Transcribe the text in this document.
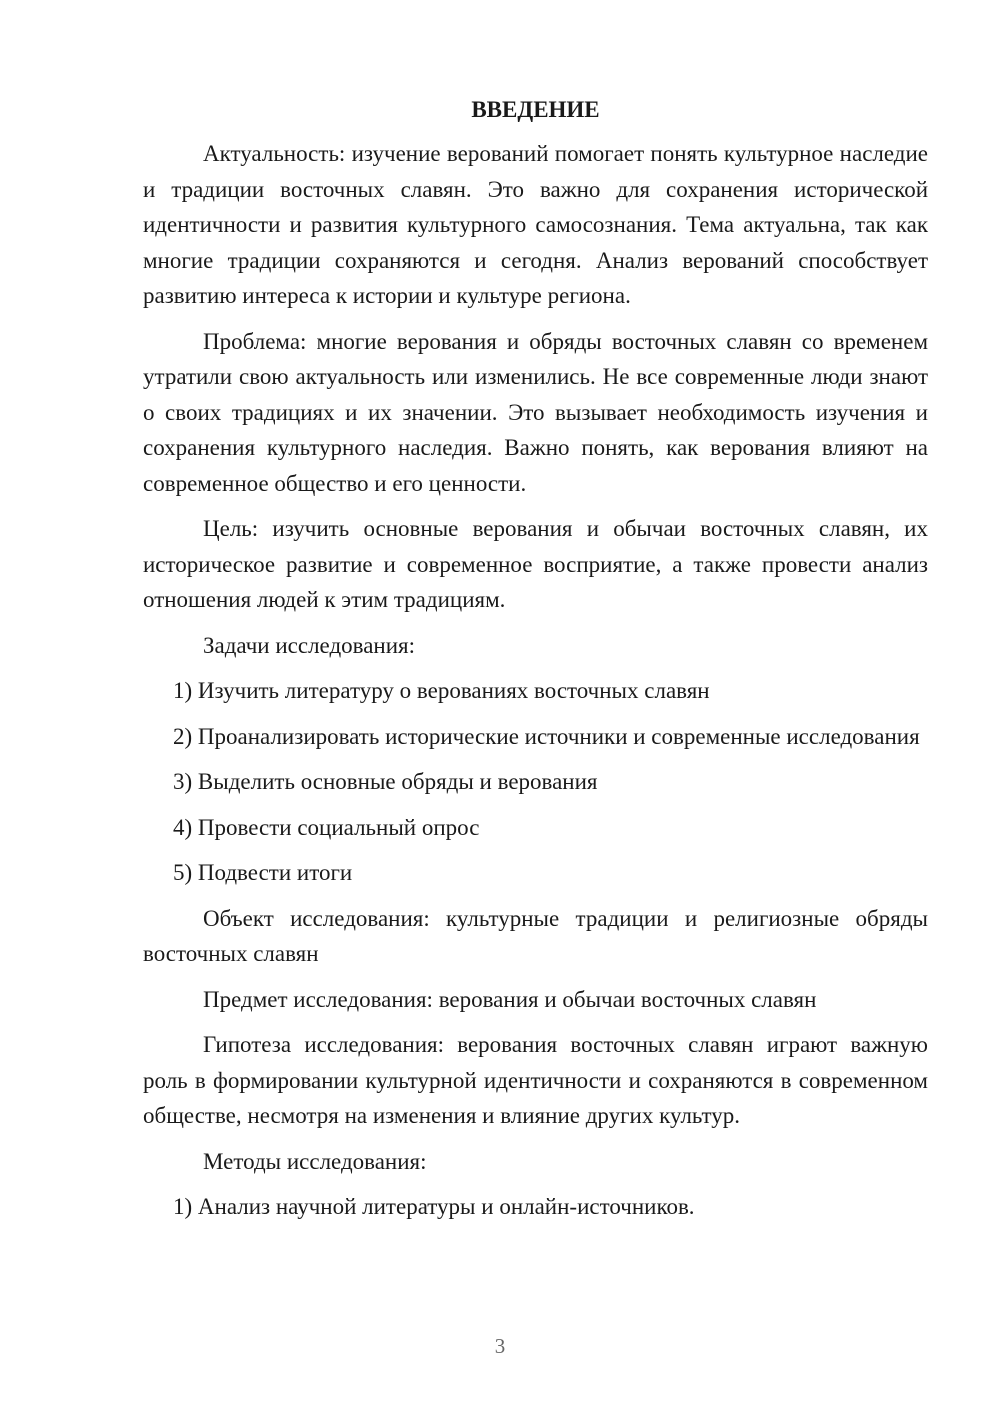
ВВЕДЕНИЕ

Актуальность: изучение верований помогает понять культурное наследие и традиции восточных славян. Это важно для сохранения исторической идентичности и развития культурного самосознания. Тема актуальна, так как многие традиции сохраняются и сегодня. Анализ верований способствует развитию интереса к истории и культуре региона.

Проблема: многие верования и обряды восточных славян со временем утратили свою актуальность или изменились. Не все современные люди знают о своих традициях и их значении. Это вызывает необходимость изучения и сохранения культурного наследия. Важно понять, как верования влияют на современное общество и его ценности.

Цель: изучить основные верования и обычаи восточных славян, их историческое развитие и современное восприятие, а также провести анализ отношения людей к этим традициям.

Задачи исследования:

1) Изучить литературу о верованиях восточных славян

2) Проанализировать исторические источники и современные исследования

3) Выделить основные обряды и верования

4) Провести социальный опрос

5) Подвести итоги

Объект исследования: культурные традиции и религиозные обряды восточных славян

Предмет исследования: верования и обычаи восточных славян

Гипотеза исследования: верования восточных славян играют важную роль в формировании культурной идентичности и сохраняются в современном обществе, несмотря на изменения и влияние других культур.

Методы исследования:

1) Анализ научной литературы и онлайн-источников.

3
